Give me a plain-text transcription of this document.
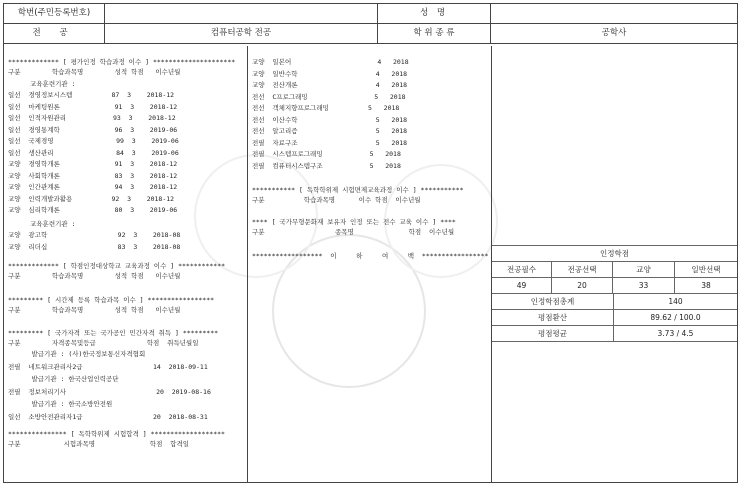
학번(주민등록번호)	성 명
전 공	컴퓨터공학 전공	학 위 종 류	공학사
************* [ 평가인정 학습과정 이수 ] *********************
구분        학습과목명        성적 학점   이수년월
교육훈련기관 :
일선  경영정보시스템          87  3    2018-12
일선  마케팅원론              91  3    2018-12
일선  인적자원관리            93  3    2018-12
일선  경영통계학              96  3    2019-06
일선  국제경영                99  3    2019-06
일선  생산관리                84  3    2019-06
교양  경영학개론              91  3    2018-12
교양  사회학개론              83  3    2018-12
교양  인간관계론              94  3    2018-12
교양  인력개발과활용          92  3    2018-12
교양  심리학개론              80  3    2019-06
교육훈련기관 :
교양  광고학                  92  3    2018-08
교양  리더십                  83  3    2018-08
************* [ 학점인정대상학교 교육과정 이수 ] ************
구분        학습과목명        성적 학점   이수년월
********* [ 시간제 등록 학습과목 이수 ] *****************
구분        학습과목명        성적 학점   이수년월
********* [ 국가자격 또는 국가공인 민간자격 취득 ] *********
구분        자격종목및등급             학점  취득년월일
발급기관 : (사)한국정보통신자격협회
전필  네트워크관리사2급                  14  2018-09-11
발급기관 : 한국산업인력공단
전필  정보처리기사                       20  2019-08-16
발급기관 : 한국소방안전원
일선  소방안전관리자1급                  20  2018-08-31
*************** [ 독학학위제 시험합격 ] *******************
구분           시험과목명              학점  합격일
교양  일본어                      4   2018
교양  일반수학                    4   2018
교양  전산개론                    4   2018
전선  C프로그래밍                 5   2018
전선  객체지향프로그래밍          5   2018
전선  이산수학                    5   2018
전선  알고리즘                    5   2018
전필  자료구조                    5   2018
전필  시스템프로그래밍            5   2018
전필  컴퓨터시스템구조            5   2018
*********** [ 독학학위제 시험면제교육과정 이수 ] ***********
구분          학습과목명      이수 학점  이수년월
**** [ 국가무형문화재 보유자 인정 또는 전수 교육 이수 ] ****
구분                  종목명              학점  이수년월
******************  이     하     여     백  *****************	인정학점
전공필수	전공선택	교양	일반선택
49	20	33	38
인정학점총계	140
평점환산	89.62 / 100.0
평점평균	3.73 / 4.5
